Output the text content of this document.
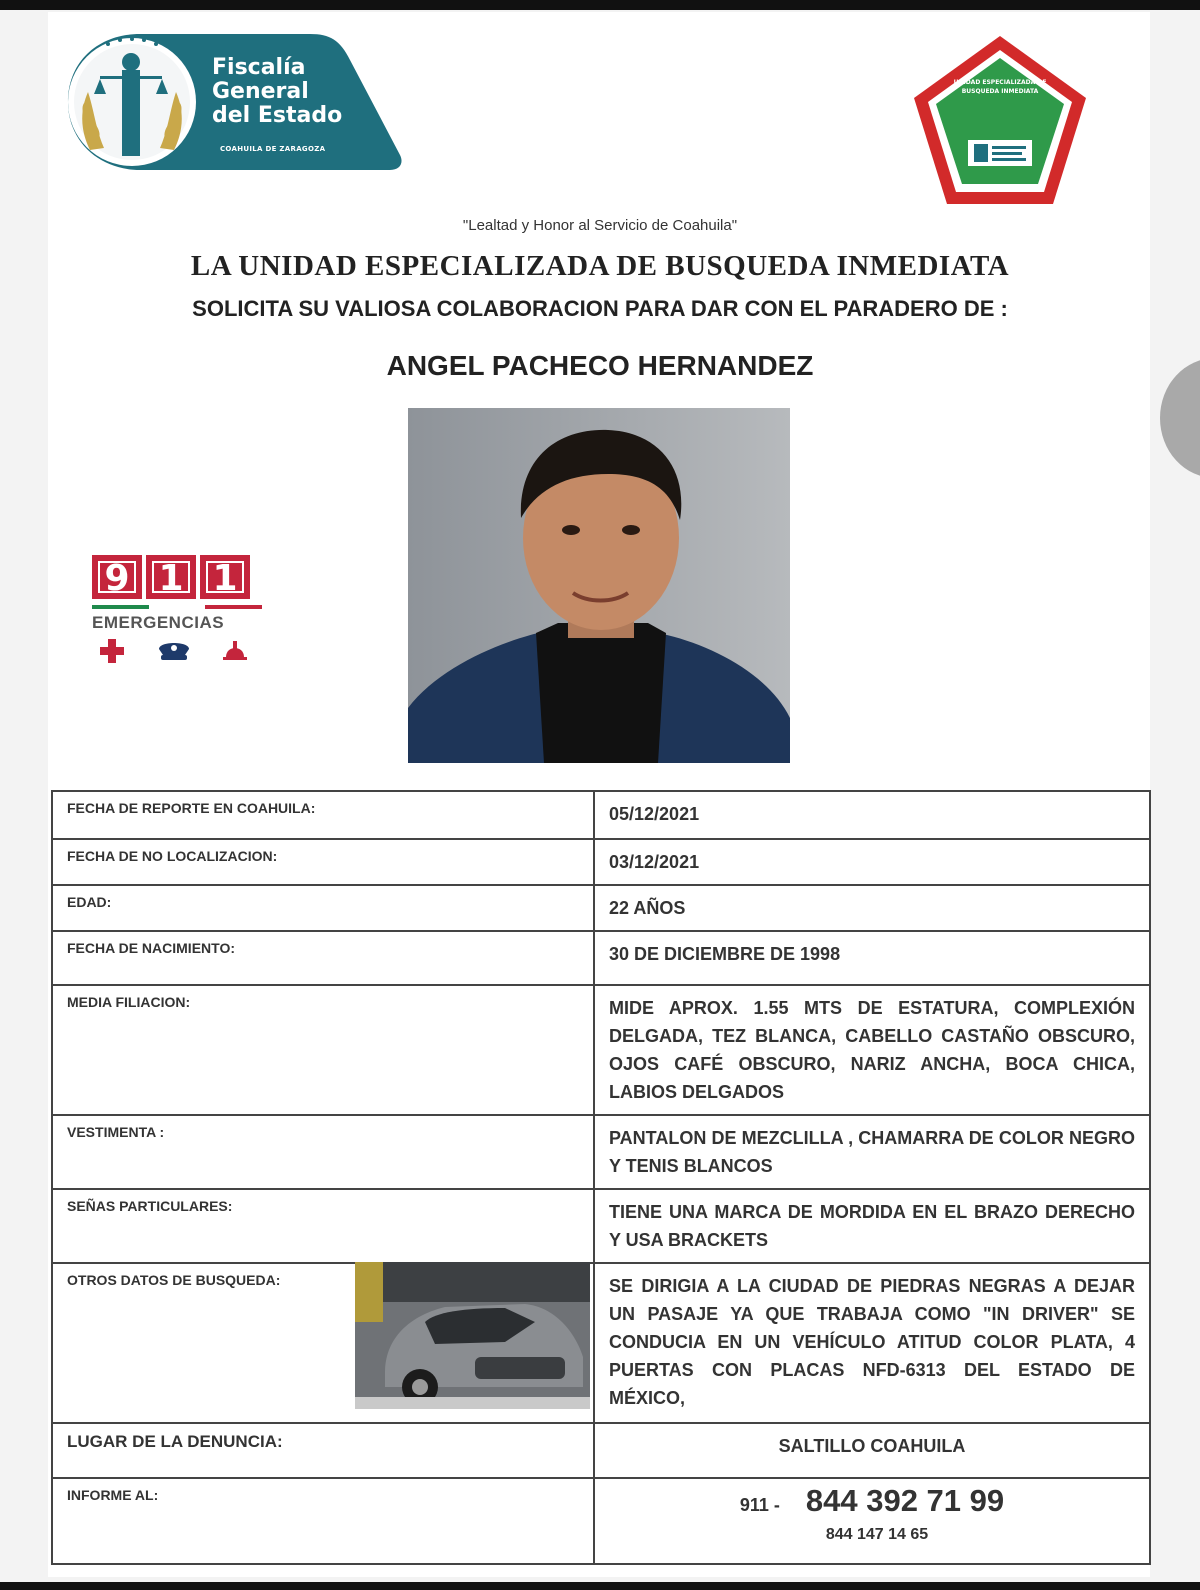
Fiscalía
General
del Estado
COAHUILA DE ZARAGOZA
UNIDAD ESPECIALIZADA DE BUSQUEDA INMEDIATA
"Lealtad y Honor al Servicio de Coahuila"
LA UNIDAD ESPECIALIZADA DE BUSQUEDA INMEDIATA
SOLICITA SU VALIOSA COLABORACION PARA DAR CON EL PARADERO DE :
ANGEL PACHECO HERNANDEZ
9 1 1
EMERGENCIAS
FECHA DE REPORTE EN COAHUILA:	05/12/2021
FECHA DE NO LOCALIZACION:	03/12/2021
EDAD:	22 AÑOS
FECHA DE NACIMIENTO:	30 DE DICIEMBRE DE 1998
MEDIA FILIACION:	MIDE APROX. 1.55 MTS DE ESTATURA, COMPLEXIÓN DELGADA, TEZ BLANCA, CABELLO CASTAÑO OBSCURO, OJOS CAFÉ OBSCURO, NARIZ ANCHA, BOCA CHICA, LABIOS DELGADOS
VESTIMENTA :	PANTALON DE MEZCLILLA , CHAMARRA DE COLOR NEGRO Y TENIS BLANCOS
SEÑAS PARTICULARES:	TIENE UNA MARCA DE MORDIDA EN EL BRAZO DERECHO Y USA BRACKETS
OTROS DATOS DE BUSQUEDA:	SE DIRIGIA A LA CIUDAD DE PIEDRAS NEGRAS A DEJAR UN PASAJE YA QUE TRABAJA COMO "IN DRIVER" SE CONDUCIA EN UN VEHÍCULO ATITUD COLOR PLATA, 4 PUERTAS CON PLACAS NFD-6313 DEL ESTADO DE MÉXICO,
LUGAR DE LA DENUNCIA:	SALTILLO COAHUILA
INFORME AL:	911 - 844 392 71 99
844 147 14 65
